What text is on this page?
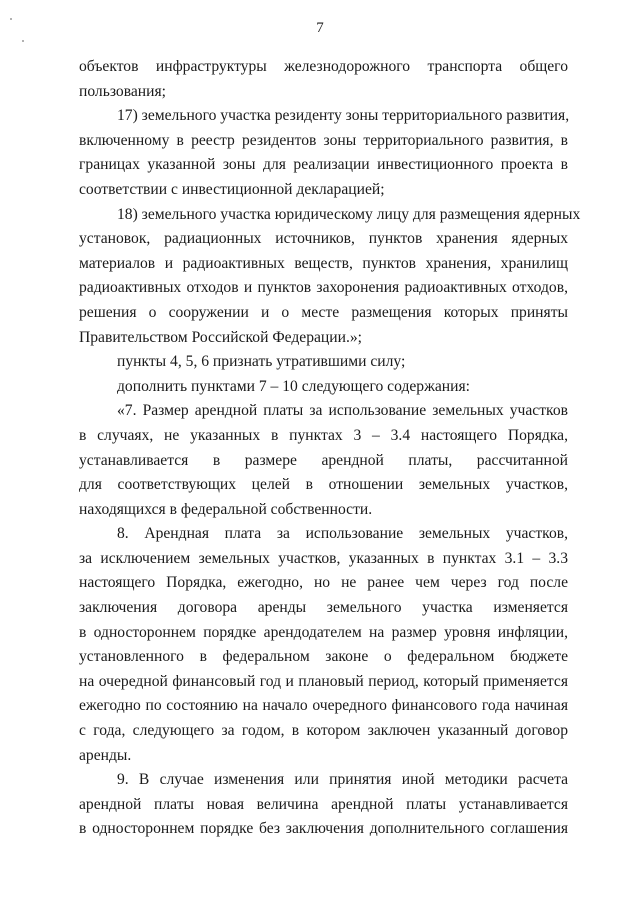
7
объектов инфраструктуры железнодорожного транспорта общего
пользования;
17) земельного участка резиденту зоны территориального развития,
включенному в реестр резидентов зоны территориального развития, в
границах указанной зоны для реализации инвестиционного проекта в
соответствии с инвестиционной декларацией;
18) земельного участка юридическому лицу для размещения ядерных
установок, радиационных источников, пунктов хранения ядерных
материалов и радиоактивных веществ, пунктов хранения, хранилищ
радиоактивных отходов и пунктов захоронения радиоактивных отходов,
решения о сооружении и о месте размещения которых приняты
Правительством Российской Федерации.»;
пункты 4, 5, 6 признать утратившими силу;
дополнить пунктами 7 – 10 следующего содержания:
«7. Размер арендной платы за использование земельных участков
в случаях, не указанных в пунктах 3 – 3.4 настоящего Порядка,
устанавливается в размере арендной платы, рассчитанной
для соответствующих целей в отношении земельных участков,
находящихся в федеральной собственности.
8. Арендная плата за использование земельных участков,
за исключением земельных участков, указанных в пунктах 3.1 – 3.3
настоящего Порядка, ежегодно, но не ранее чем через год после
заключения договора аренды земельного участка изменяется
в одностороннем порядке арендодателем на размер уровня инфляции,
установленного в федеральном законе о федеральном бюджете
на очередной финансовый год и плановый период, который применяется
ежегодно по состоянию на начало очередного финансового года начиная
с года, следующего за годом, в котором заключен указанный договор
аренды.
9. В случае изменения или принятия иной методики расчета
арендной платы новая величина арендной платы устанавливается
в одностороннем порядке без заключения дополнительного соглашения
